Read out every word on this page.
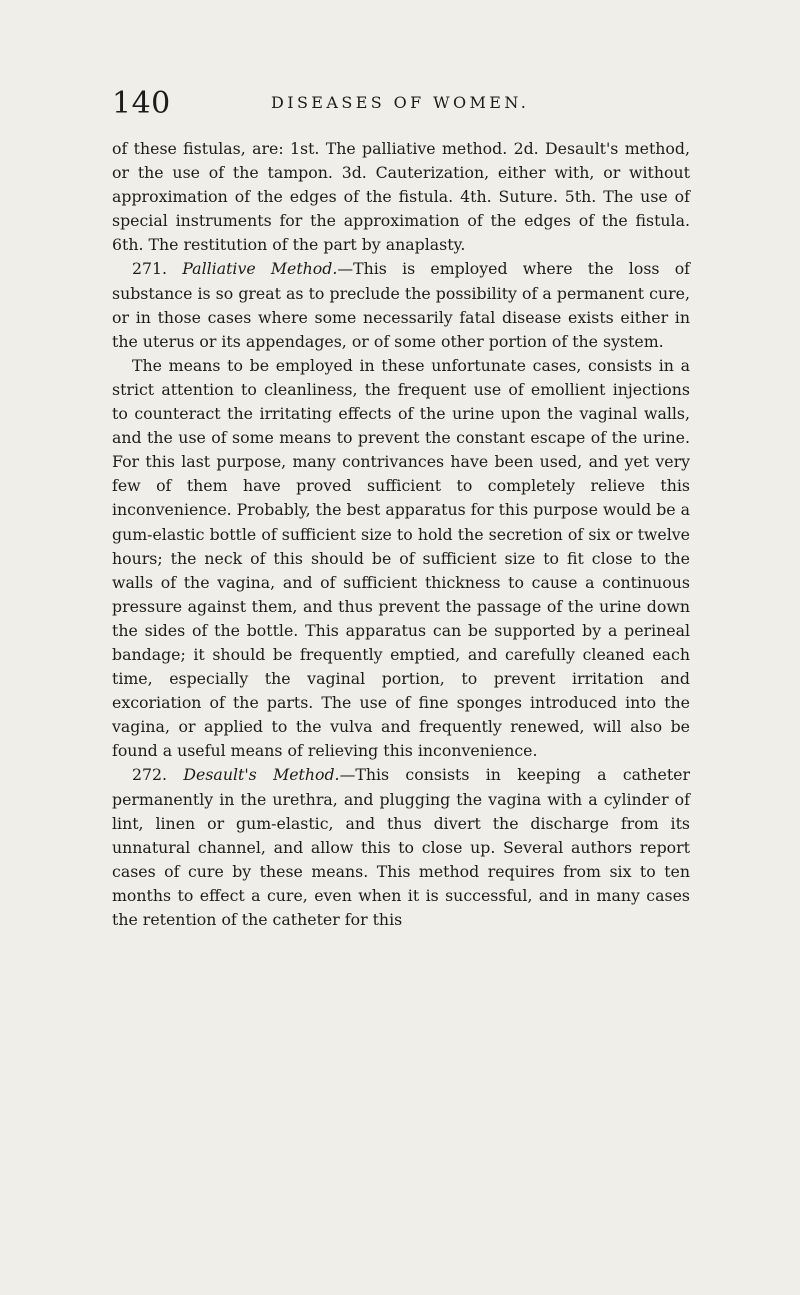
140	DISEASES OF WOMEN.

of these fistulas, are: 1st. The palliative method. 2d. Desault's method, or the use of the tampon. 3d. Cauterization, either with, or without approximation of the edges of the fistula. 4th. Suture. 5th. The use of special instruments for the approximation of the edges of the fistula. 6th. The restitution of the part by anaplasty.

271. Palliative Method.—This is employed where the loss of substance is so great as to preclude the possibility of a permanent cure, or in those cases where some necessarily fatal disease exists either in the uterus or its appendages, or of some other portion of the system.

The means to be employed in these unfortunate cases, consists in a strict attention to cleanliness, the frequent use of emollient injections to counteract the irritating effects of the urine upon the vaginal walls, and the use of some means to prevent the constant escape of the urine. For this last purpose, many contrivances have been used, and yet very few of them have proved sufficient to completely relieve this inconvenience. Probably, the best apparatus for this purpose would be a gum-elastic bottle of sufficient size to hold the secretion of six or twelve hours; the neck of this should be of sufficient size to fit close to the walls of the vagina, and of sufficient thickness to cause a continuous pressure against them, and thus prevent the passage of the urine down the sides of the bottle. This apparatus can be supported by a perineal bandage; it should be frequently emptied, and carefully cleaned each time, especially the vaginal portion, to prevent irritation and excoriation of the parts. The use of fine sponges introduced into the vagina, or applied to the vulva and frequently renewed, will also be found a useful means of relieving this inconvenience.

272. Desault's Method.—This consists in keeping a catheter permanently in the urethra, and plugging the vagina with a cylinder of lint, linen or gum-elastic, and thus divert the discharge from its unnatural channel, and allow this to close up. Several authors report cases of cure by these means. This method requires from six to ten months to effect a cure, even when it is successful, and in many cases the retention of the catheter for this
